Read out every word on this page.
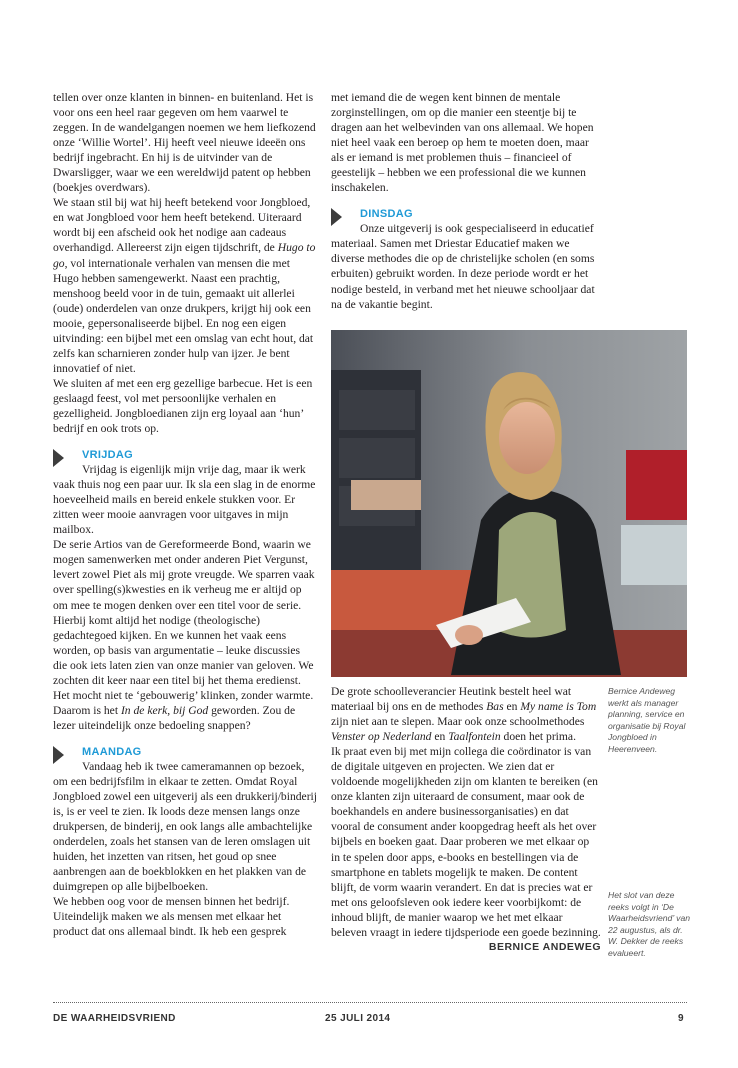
tellen over onze klanten in binnen- en buitenland. Het is voor ons een heel raar gegeven om hem vaarwel te zeggen. In de wandelgangen noemen we hem liefkozend onze ‘Willie Wortel’. Hij heeft veel nieuwe ideeën ons bedrijf ingebracht. En hij is de uitvinder van de Dwarsligger, waar we een wereldwijd patent op hebben (boekjes overdwars).

We staan stil bij wat hij heeft betekend voor Jongbloed, en wat Jongbloed voor hem heeft betekend. Uiteraard wordt bij een afscheid ook het nodige aan cadeaus overhandigd. Allereerst zijn eigen tijdschrift, de Hugo to go, vol internationale verhalen van mensen die met Hugo hebben samengewerkt. Naast een prachtig, menshoog beeld voor in de tuin, gemaakt uit allerlei (oude) onderdelen van onze drukpers, krijgt hij ook een mooie, gepersonaliseerde bijbel. En nog een eigen uitvinding: een bijbel met een omslag van echt hout, dat zelfs kan scharnieren zonder hulp van ijzer. Je bent innovatief of niet.

We sluiten af met een erg gezellige barbecue. Het is een geslaagd feest, vol met persoonlijke verhalen en gezelligheid. Jongbloedianen zijn erg loyaal aan ‘hun’ bedrijf en ook trots op.

VRIJDAG

Vrijdag is eigenlijk mijn vrije dag, maar ik werk vaak thuis nog een paar uur. Ik sla een slag in de enorme hoeveelheid mails en bereid enkele stukken voor. Er zitten weer mooie aanvragen voor uitgaves in mijn mailbox.

De serie Artios van de Gereformeerde Bond, waarin we mogen samenwerken met onder anderen Piet Vergunst, levert zowel Piet als mij grote vreugde. We sparren vaak over spelling(s)kwesties en ik verheug me er altijd op om mee te mogen denken over een titel voor de serie. Hierbij komt altijd het nodige (theologische) gedachtegoed kijken. En we kunnen het vaak eens worden, op basis van argumentatie – leuke discussies die ook iets laten zien van onze manier van geloven. We zochten dit keer naar een titel bij het thema eredienst. Het mocht niet te ‘gebouwerig’ klinken, zonder warmte. Daarom is het In de kerk, bij God geworden. Zou de lezer uiteindelijk onze bedoeling snappen?

MAANDAG

Vandaag heb ik twee cameramannen op bezoek, om een bedrijfsfilm in elkaar te zetten. Omdat Royal Jongbloed zowel een uitgeverij als een drukkerij/binderij is, is er veel te zien. Ik loods deze mensen langs onze drukpersen, de binderij, en ook langs alle ambachtelijke onderdelen, zoals het stansen van de leren omslagen uit huiden, het inzetten van ritsen, het goud op snee aanbrengen aan de boekblokken en het plakken van de duimgrepen op alle bijbelboeken.

We hebben oog voor de mensen binnen het bedrijf. Uiteindelijk maken we als mensen met elkaar het product dat ons allemaal bindt. Ik heb een gesprek

met iemand die de wegen kent binnen de mentale zorginstellingen, om op die manier een steentje bij te dragen aan het welbevinden van ons allemaal. We hopen niet heel vaak een beroep op hem te moeten doen, maar als er iemand is met problemen thuis – financieel of geestelijk – hebben we een professional die we kunnen inschakelen.

DINSDAG

Onze uitgeverij is ook gespecialiseerd in educatief materiaal. Samen met Driestar Educatief maken we diverse methodes die op de christelijke scholen (en soms erbuiten) gebruikt worden. In deze periode wordt er het nodige besteld, in verband met het nieuwe schooljaar dat na de vakantie begint.

De grote schoolleverancier Heutink bestelt heel wat materiaal bij ons en de methodes Bas en My name is Tom zijn niet aan te slepen. Maar ook onze schoolmethodes Venster op Nederland en Taalfontein doen het prima.

Ik praat even bij met mijn collega die coördinator is van de digitale uitgeven en projecten. We zien dat er voldoende mogelijkheden zijn om klanten te bereiken (en onze klanten zijn uiteraard de consument, maar ook de boekhandels en andere businessorganisaties) en dat vooral de consument ander koopgedrag heeft als het over bijbels en boeken gaat. Daar proberen we met elkaar op in te spelen door apps, e-books en bestellingen via de smartphone en tablets mogelijk te maken. De content blijft, de vorm waarin verandert. En dat is precies wat er met ons geloofsleven ook iedere keer voorbijkomt: de inhoud blijft, de manier waarop we het met elkaar beleven vraagt in iedere tijdsperiode een goede bezinning.

BERNICE ANDEWEG
Bernice Andeweg werkt als manager planning, service en organisatie bij Royal Jongbloed in Heerenveen.
Het slot van deze reeks volgt in ‘De Waarheidsvriend’ van 22 augustus, als dr. W. Dekker de reeks evalueert.
DE WAARHEIDSVRIEND	25 JULI 2014	9
